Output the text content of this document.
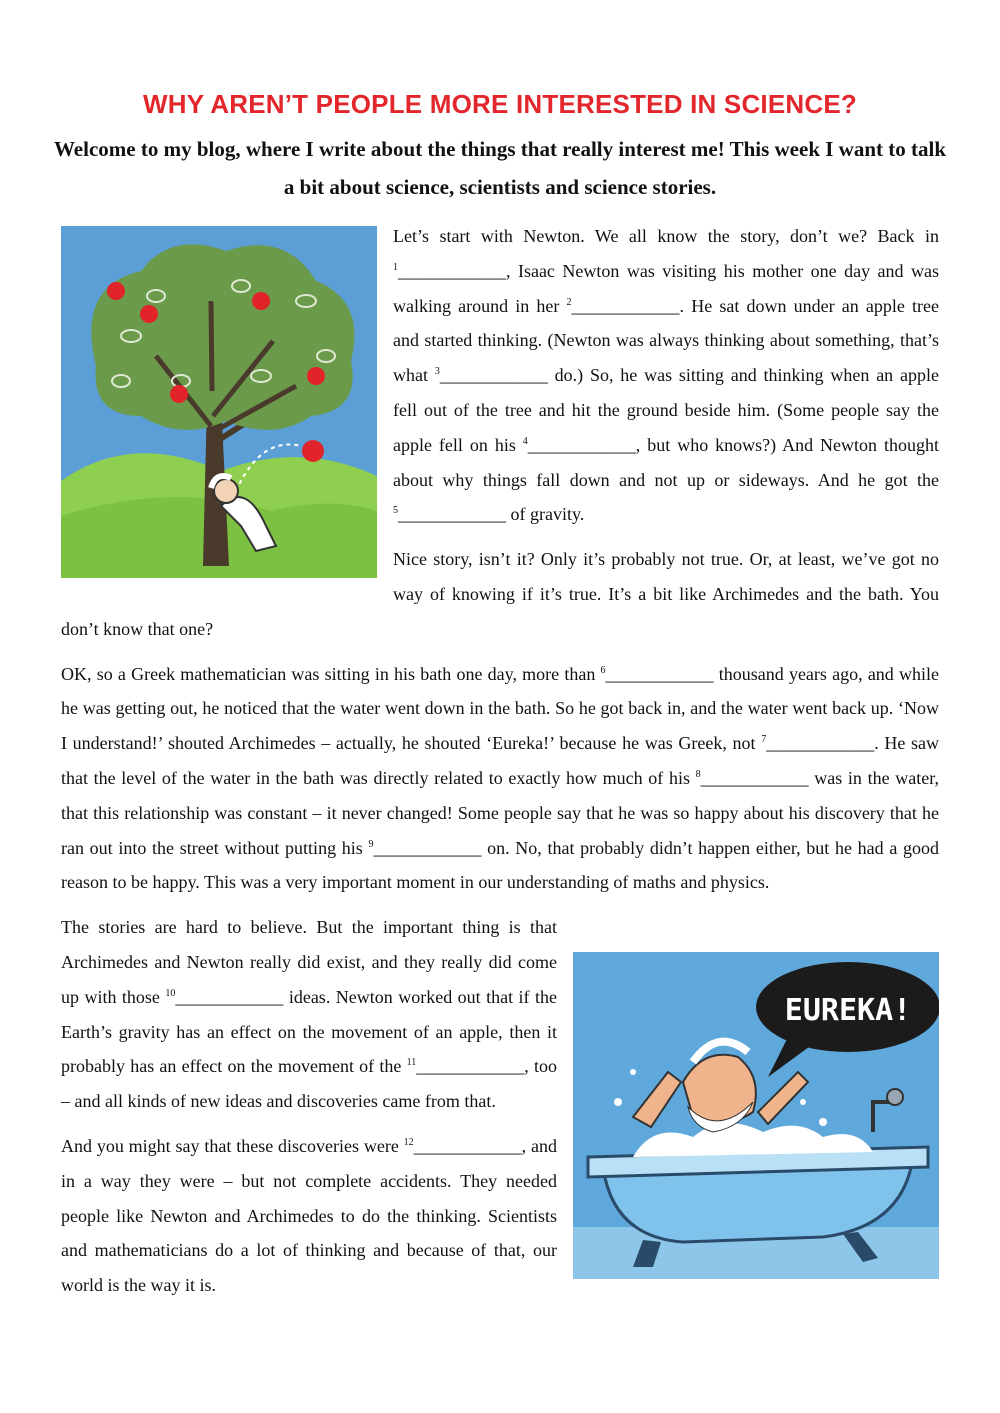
WHY AREN’T PEOPLE MORE INTERESTED IN SCIENCE?
Welcome to my blog, where I write about the things that really interest me! This week I want to talk a bit about science, scientists and science stories.

Let’s start with Newton. We all know the story, don’t we? Back in $^1$____________, Isaac Newton was visiting his mother one day and was walking around in her $^2$____________. He sat down under an apple tree and started thinking. (Newton was always thinking about something, that’s what $^3$____________ do.) So, he was sitting and thinking when an apple fell out of the tree and hit the ground beside him. (Some people say the apple fell on his $^4$____________, but who knows?) And Newton thought about why things fall down and not up or sideways. And he got the $^5$____________ of gravity.

Nice story, isn’t it? Only it’s probably not true. Or, at least, we’ve got no way of knowing if it’s true. It’s a bit like Archimedes and the bath. You don’t know that one?

OK, so a Greek mathematician was sitting in his bath one day, more than $^6$____________ thousand years ago, and while he was getting out, he noticed that the water went down in the bath. So he got back in, and the water went back up. ‘Now I understand!’ shouted Archimedes – actually, he shouted ‘Eureka!’ because he was Greek, not $^7$____________. He saw that the level of the water in the bath was directly related to exactly how much of his $^8$____________ was in the water, that this relationship was constant – it never changed! Some people say that he was so happy about his discovery that he ran out into the street without putting his $^9$____________ on. No, that probably didn’t happen either, but he had a good reason to be happy. This was a very important moment in our understanding of maths and physics.

EUREKA!

The stories are hard to believe. But the important thing is that Archimedes and Newton really did exist, and they really did come up with those $^{10}$____________ ideas. Newton worked out that if the Earth’s gravity has an effect on the movement of an apple, then it probably has an effect on the movement of the $^{11}$____________, too – and all kinds of new ideas and discoveries came from that.

And you might say that these discoveries were $^{12}$____________, and in a way they were – but not complete accidents. They needed people like Newton and Archimedes to do the thinking. Scientists and mathematicians do a lot of thinking and because of that, our world is the way it is.
